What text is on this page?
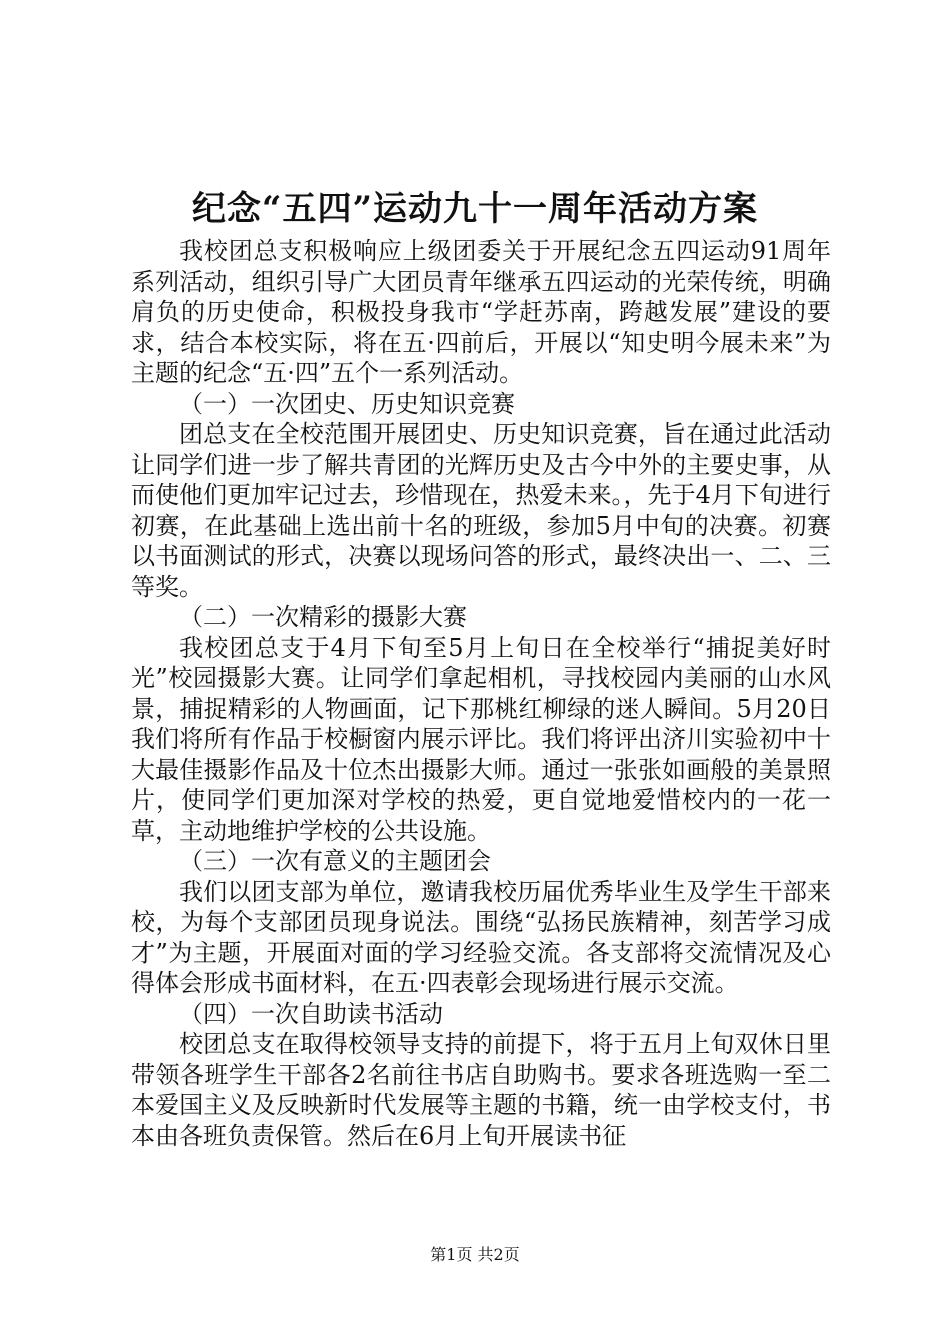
纪念“五四”运动九十一周年活动方案

我校团总支积极响应上级团委关于开展纪念五四运动91周年系列活动，组织引导广大团员青年继承五四运动的光荣传统，明确肩负的历史使命，积极投身我市“学赶苏南，跨越发展”建设的要求，结合本校实际，将在五·四前后，开展以“知史明今展未来”为主题的纪念“五·四”五个一系列活动。

（一）一次团史、历史知识竞赛

团总支在全校范围开展团史、历史知识竞赛，旨在通过此活动让同学们进一步了解共青团的光辉历史及古今中外的主要史事，从而使他们更加牢记过去，珍惜现在，热爱未来。，先于4月下旬进行初赛，在此基础上选出前十名的班级，参加5月中旬的决赛。初赛以书面测试的形式，决赛以现场问答的形式，最终决出一、二、三等奖。

（二）一次精彩的摄影大赛

我校团总支于4月下旬至5月上旬日在全校举行“捕捉美好时光”校园摄影大赛。让同学们拿起相机，寻找校园内美丽的山水风景，捕捉精彩的人物画面，记下那桃红柳绿的迷人瞬间。5月20日我们将所有作品于校橱窗内展示评比。我们将评出济川实验初中十大最佳摄影作品及十位杰出摄影大师。通过一张张如画般的美景照片，使同学们更加深对学校的热爱，更自觉地爱惜校内的一花一草，主动地维护学校的公共设施。

（三）一次有意义的主题团会

我们以团支部为单位，邀请我校历届优秀毕业生及学生干部来校，为每个支部团员现身说法。围绕“弘扬民族精神，刻苦学习成才”为主题，开展面对面的学习经验交流。各支部将交流情况及心得体会形成书面材料，在五·四表彰会现场进行展示交流。

（四）一次自助读书活动

校团总支在取得校领导支持的前提下，将于五月上旬双休日里带领各班学生干部各2名前往书店自助购书。要求各班选购一至二本爱国主义及反映新时代发展等主题的书籍，统一由学校支付，书本由各班负责保管。然后在6月上旬开展读书征

第1页 共2页
